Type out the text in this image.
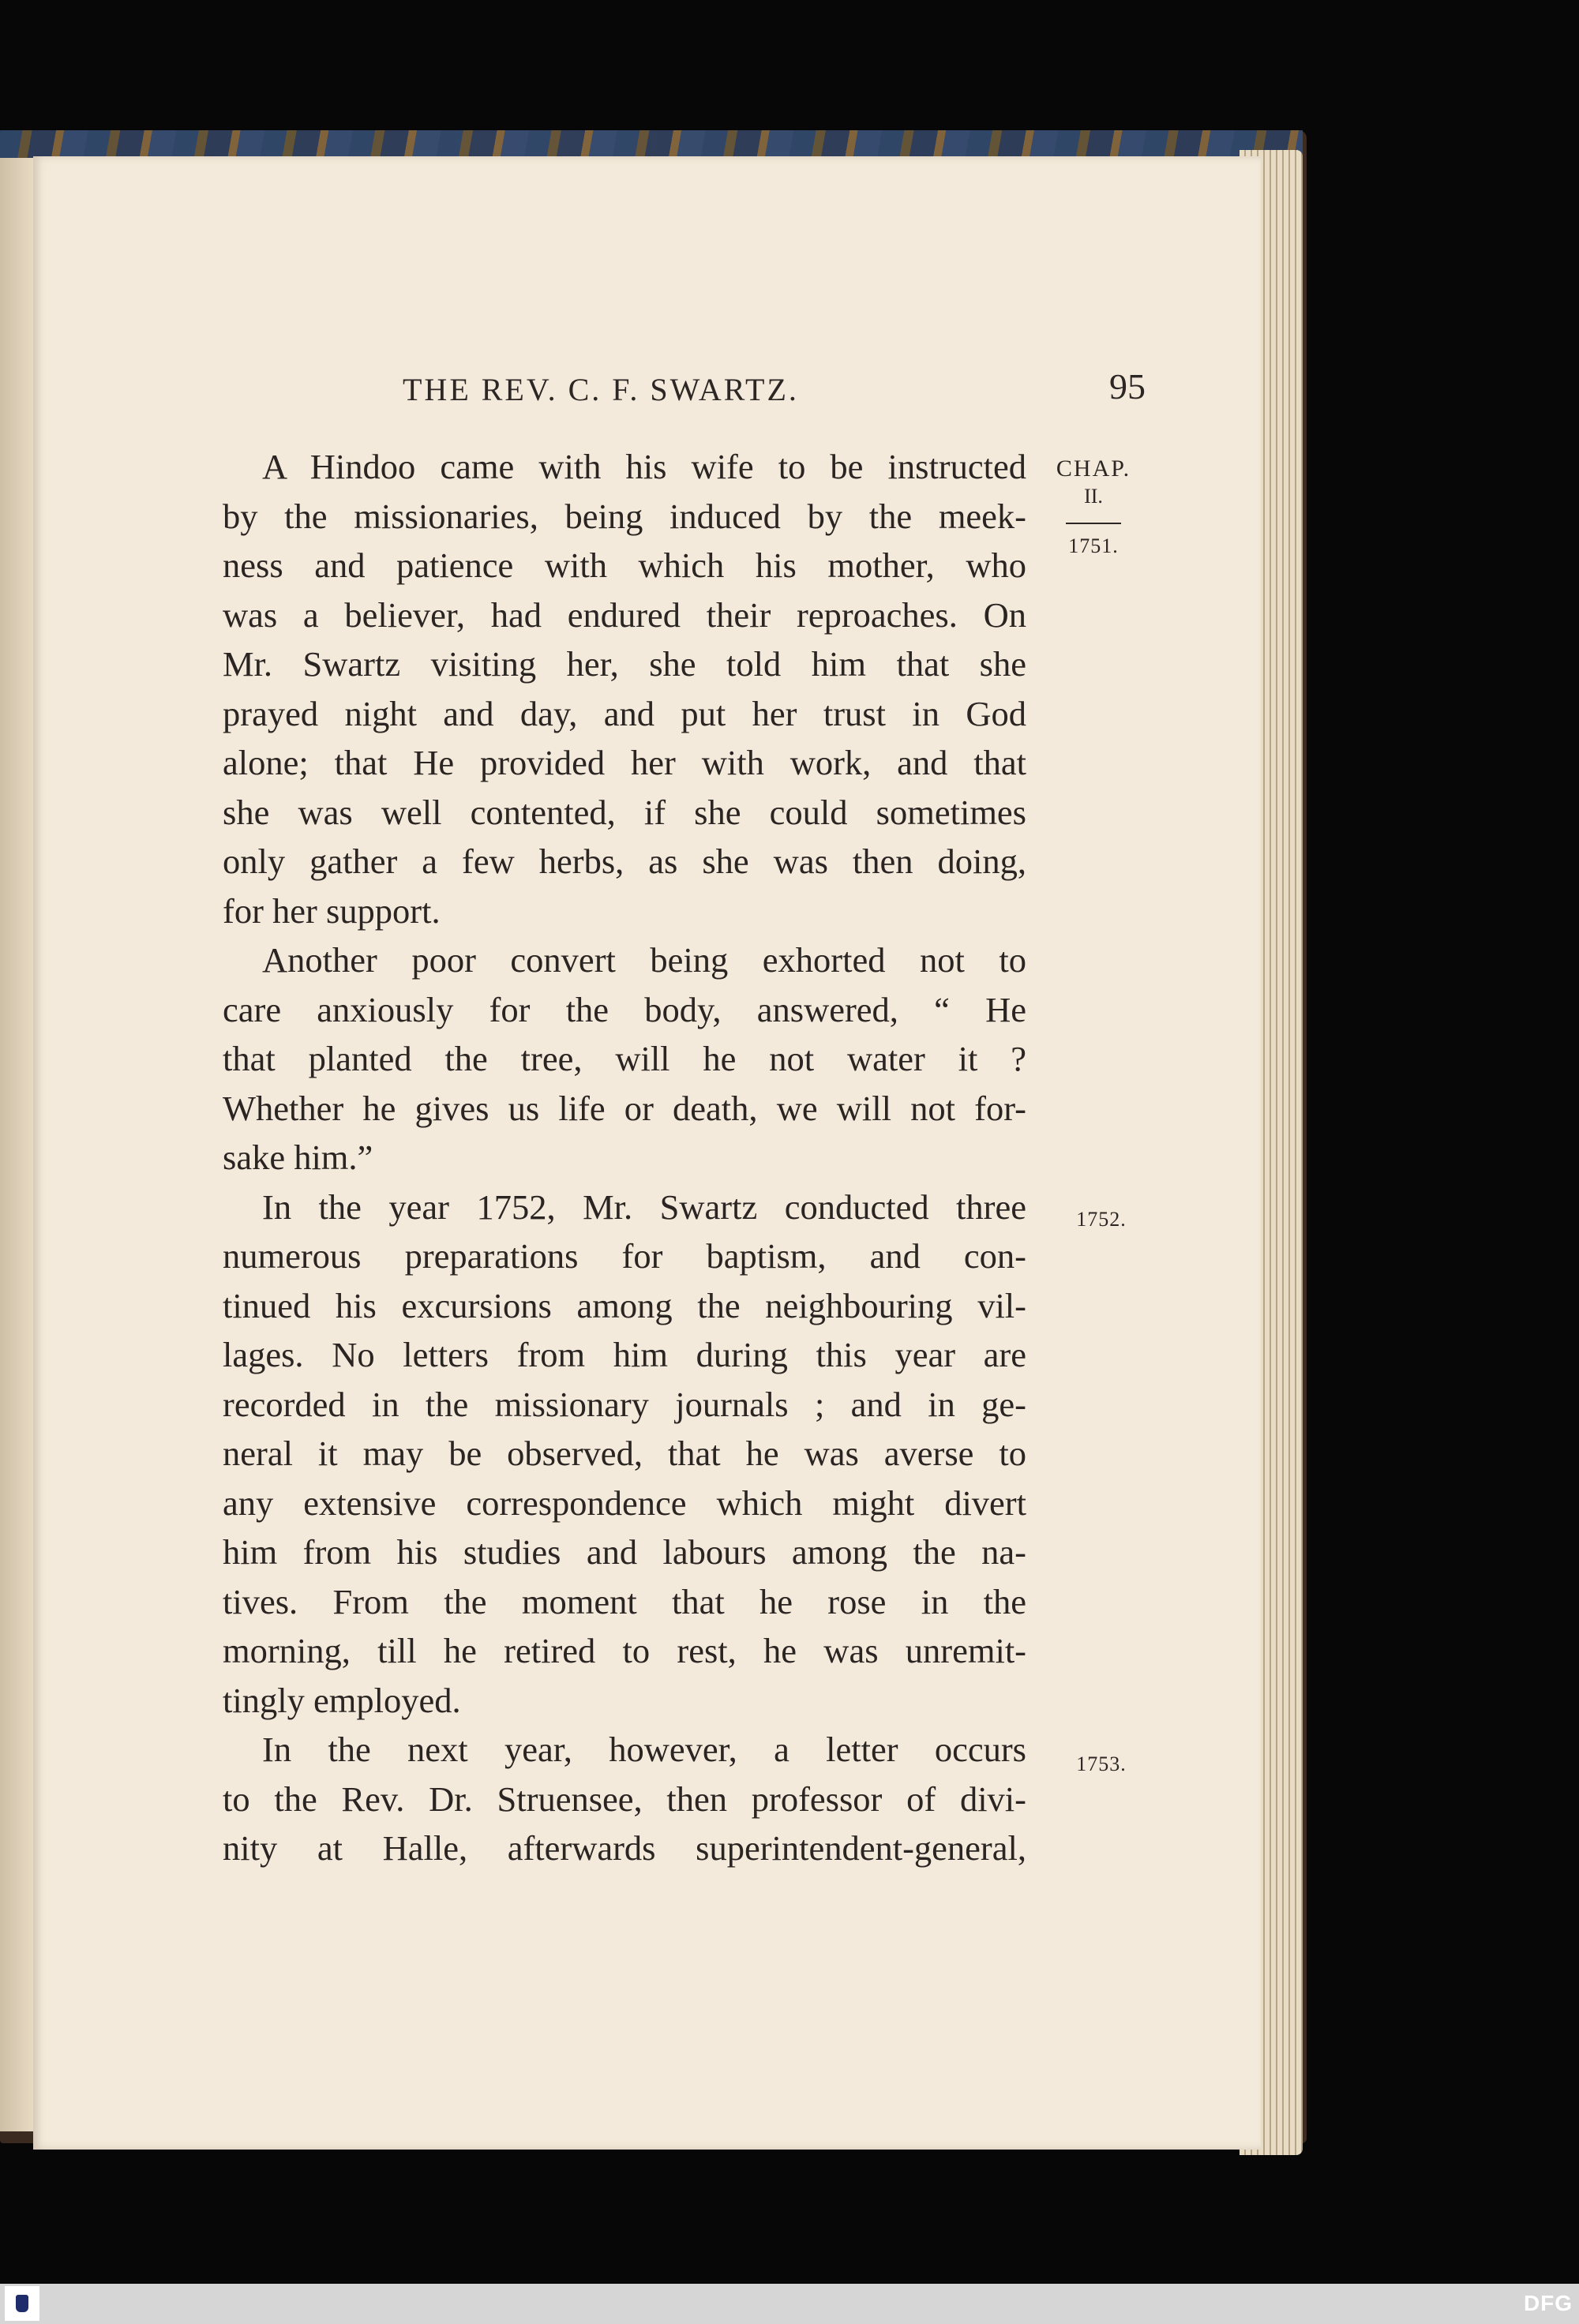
THE REV. C. F. SWARTZ.	95
CHAP.
II.
1751.
1752.
1753.
A Hindoo came with his wife to be instructed
by the missionaries, being induced by the meek-
ness and patience with which his mother, who
was a believer, had endured their reproaches. On
Mr. Swartz visiting her, she told him that she
prayed night and day, and put her trust in God
alone; that He provided her with work, and that
she was well contented, if she could sometimes
only gather a few herbs, as she was then doing,
for her support.
Another poor convert being exhorted not to
care anxiously for the body, answered, “ He
that planted the tree, will he not water it ?
Whether he gives us life or death, we will not for-
sake him.”
In the year 1752, Mr. Swartz conducted three
numerous preparations for baptism, and con-
tinued his excursions among the neighbouring vil-
lages. No letters from him during this year are
recorded in the missionary journals ; and in ge-
neral it may be observed, that he was averse to
any extensive correspondence which might divert
him from his studies and labours among the na-
tives. From the moment that he rose in the
morning, till he retired to rest, he was unremit-
tingly employed.
In the next year, however, a letter occurs
to the Rev. Dr. Struensee, then professor of divi-
nity at Halle, afterwards superintendent-general,
DFG
